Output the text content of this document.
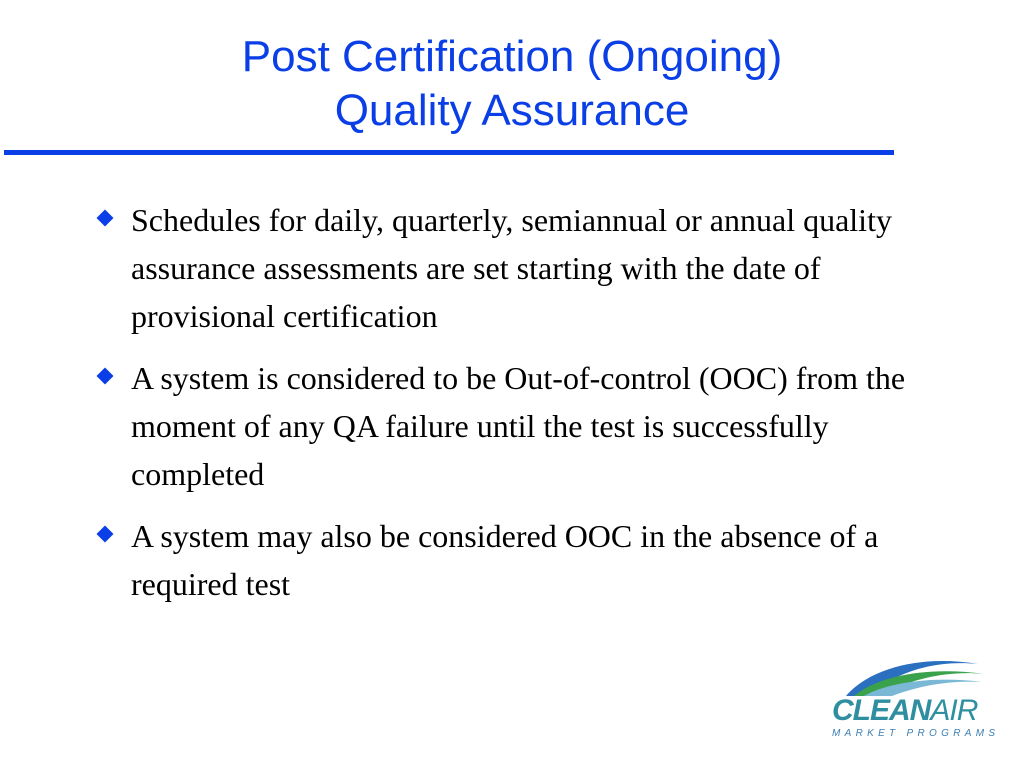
Post Certification (Ongoing)
Quality Assurance
Schedules for daily, quarterly, semiannual or annual quality assurance assessments are set starting with the date of provisional certification
A system is considered to be Out-of-control (OOC) from the moment of any QA failure until the test is successfully completed
A system may also be considered OOC in the absence of a required test
CLEANAIR
MARKET PROGRAMS
